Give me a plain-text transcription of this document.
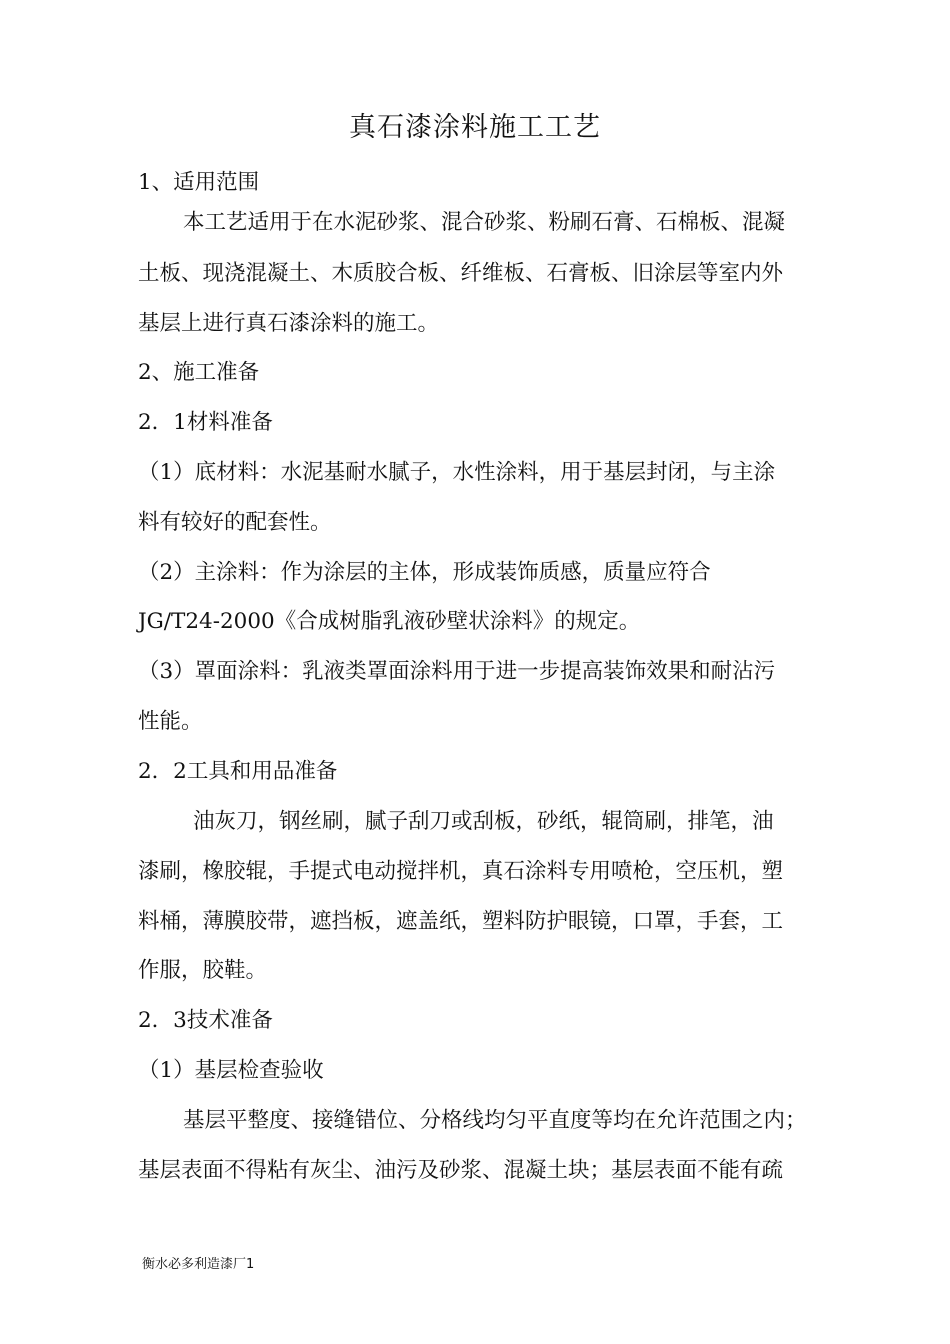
真石漆涂料施工工艺
1、适用范围
本工艺适用于在水泥砂浆、混合砂浆、粉刷石膏、石棉板、混凝
土板、现浇混凝土、木质胶合板、纤维板、石膏板、旧涂层等室内外
基层上进行真石漆涂料的施工。
2、施工准备
2．1材料准备
（1）底材料：水泥基耐水腻子，水性涂料，用于基层封闭，与主涂
料有较好的配套性。
（2）主涂料：作为涂层的主体，形成装饰质感，质量应符合
JG/T24-2000《合成树脂乳液砂壁状涂料》的规定。
（3）罩面涂料：乳液类罩面涂料用于进一步提高装饰效果和耐沾污
性能。
2．2工具和用品准备
油灰刀，钢丝刷，腻子刮刀或刮板，砂纸，辊筒刷，排笔，油
漆刷，橡胶辊，手提式电动搅拌机，真石涂料专用喷枪，空压机，塑
料桶，薄膜胶带，遮挡板，遮盖纸，塑料防护眼镜，口罩，手套，工
作服，胶鞋。
2．3技术准备
（1）基层检查验收
基层平整度、接缝错位、分格线均匀平直度等均在允许范围之内；
基层表面不得粘有灰尘、油污及砂浆、混凝土块；基层表面不能有疏
衡水必多利造漆厂1
